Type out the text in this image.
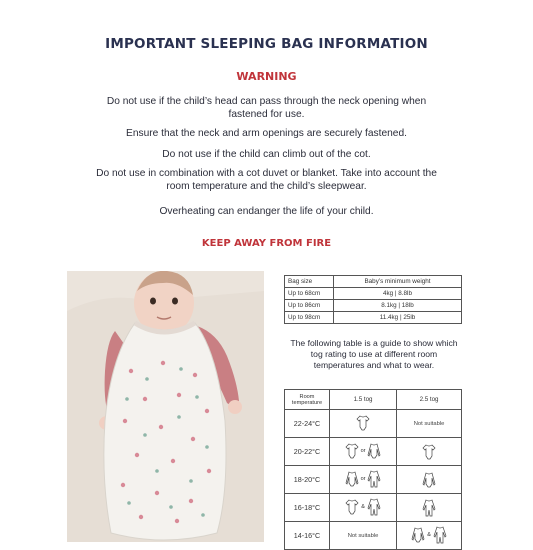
IMPORTANT SLEEPING BAG INFORMATION
WARNING
Do not use if the child’s head can pass through the neck opening when fastened for use.
Ensure that the neck and arm openings are securely fastened.
Do not use if the child can climb out of the cot.
Do not use in combination with a cot duvet or blanket. Take into account the room temperature and the child’s sleepwear.
Overheating can endanger the life of your child.
KEEP AWAY FROM FIRE
Bag size	Baby’s minimum weight
Up to 68cm	4kg | 8.8lb
Up to 86cm	8.1kg | 18lb
Up to 98cm	11.4kg | 25lb
The following table is a guide to show which tog rating to use at different room temperatures and what to wear.
Room temperature	1.5 tog	2.5 tog
22-24°C		Not suitable
20-22°C	or

18-20°C	or

16-18°C	&

14-16°C	Not suitable	&
